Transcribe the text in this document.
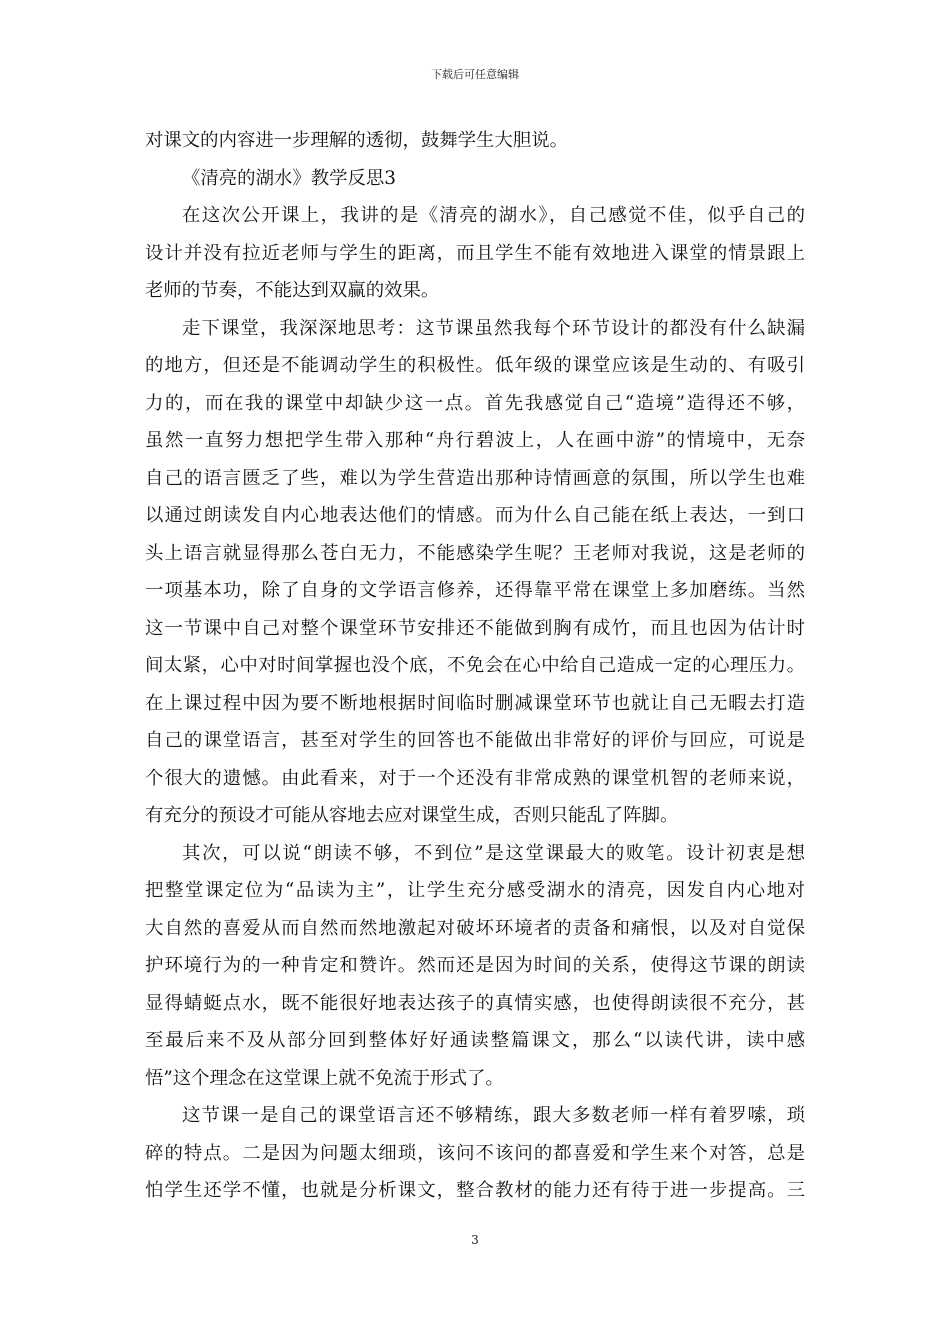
下载后可任意编辑
对课文的内容进一步理解的透彻，鼓舞学生大胆说。
《清亮的湖水》教学反思3
在这次公开课上，我讲的是《清亮的湖水》，自己感觉不佳，似乎自己的
设计并没有拉近老师与学生的距离，而且学生不能有效地进入课堂的情景跟上
老师的节奏，不能达到双赢的效果。
走下课堂，我深深地思考：这节课虽然我每个环节设计的都没有什么缺漏
的地方，但还是不能调动学生的积极性。低年级的课堂应该是生动的、有吸引
力的，而在我的课堂中却缺少这一点。首先我感觉自己“造境”造得还不够，
虽然一直努力想把学生带入那种“舟行碧波上，人在画中游”的情境中，无奈
自己的语言匮乏了些，难以为学生营造出那种诗情画意的氛围，所以学生也难
以通过朗读发自内心地表达他们的情感。而为什么自己能在纸上表达，一到口
头上语言就显得那么苍白无力，不能感染学生呢？王老师对我说，这是老师的
一项基本功，除了自身的文学语言修养，还得靠平常在课堂上多加磨练。当然
这一节课中自己对整个课堂环节安排还不能做到胸有成竹，而且也因为估计时
间太紧，心中对时间掌握也没个底，不免会在心中给自己造成一定的心理压力。
在上课过程中因为要不断地根据时间临时删减课堂环节也就让自己无暇去打造
自己的课堂语言，甚至对学生的回答也不能做出非常好的评价与回应，可说是
个很大的遗憾。由此看来，对于一个还没有非常成熟的课堂机智的老师来说，
有充分的预设才可能从容地去应对课堂生成，否则只能乱了阵脚。
其次，可以说“朗读不够，不到位”是这堂课最大的败笔。设计初衷是想
把整堂课定位为“品读为主”，让学生充分感受湖水的清亮，因发自内心地对
大自然的喜爱从而自然而然地激起对破坏环境者的责备和痛恨，以及对自觉保
护环境行为的一种肯定和赞许。然而还是因为时间的关系，使得这节课的朗读
显得蜻蜓点水，既不能很好地表达孩子的真情实感，也使得朗读很不充分，甚
至最后来不及从部分回到整体好好通读整篇课文，那么“以读代讲，读中感
悟”这个理念在这堂课上就不免流于形式了。
这节课一是自己的课堂语言还不够精练，跟大多数老师一样有着罗嗦，琐
碎的特点。二是因为问题太细琐，该问不该问的都喜爱和学生来个对答，总是
怕学生还学不懂，也就是分析课文，整合教材的能力还有待于进一步提高。三
3
